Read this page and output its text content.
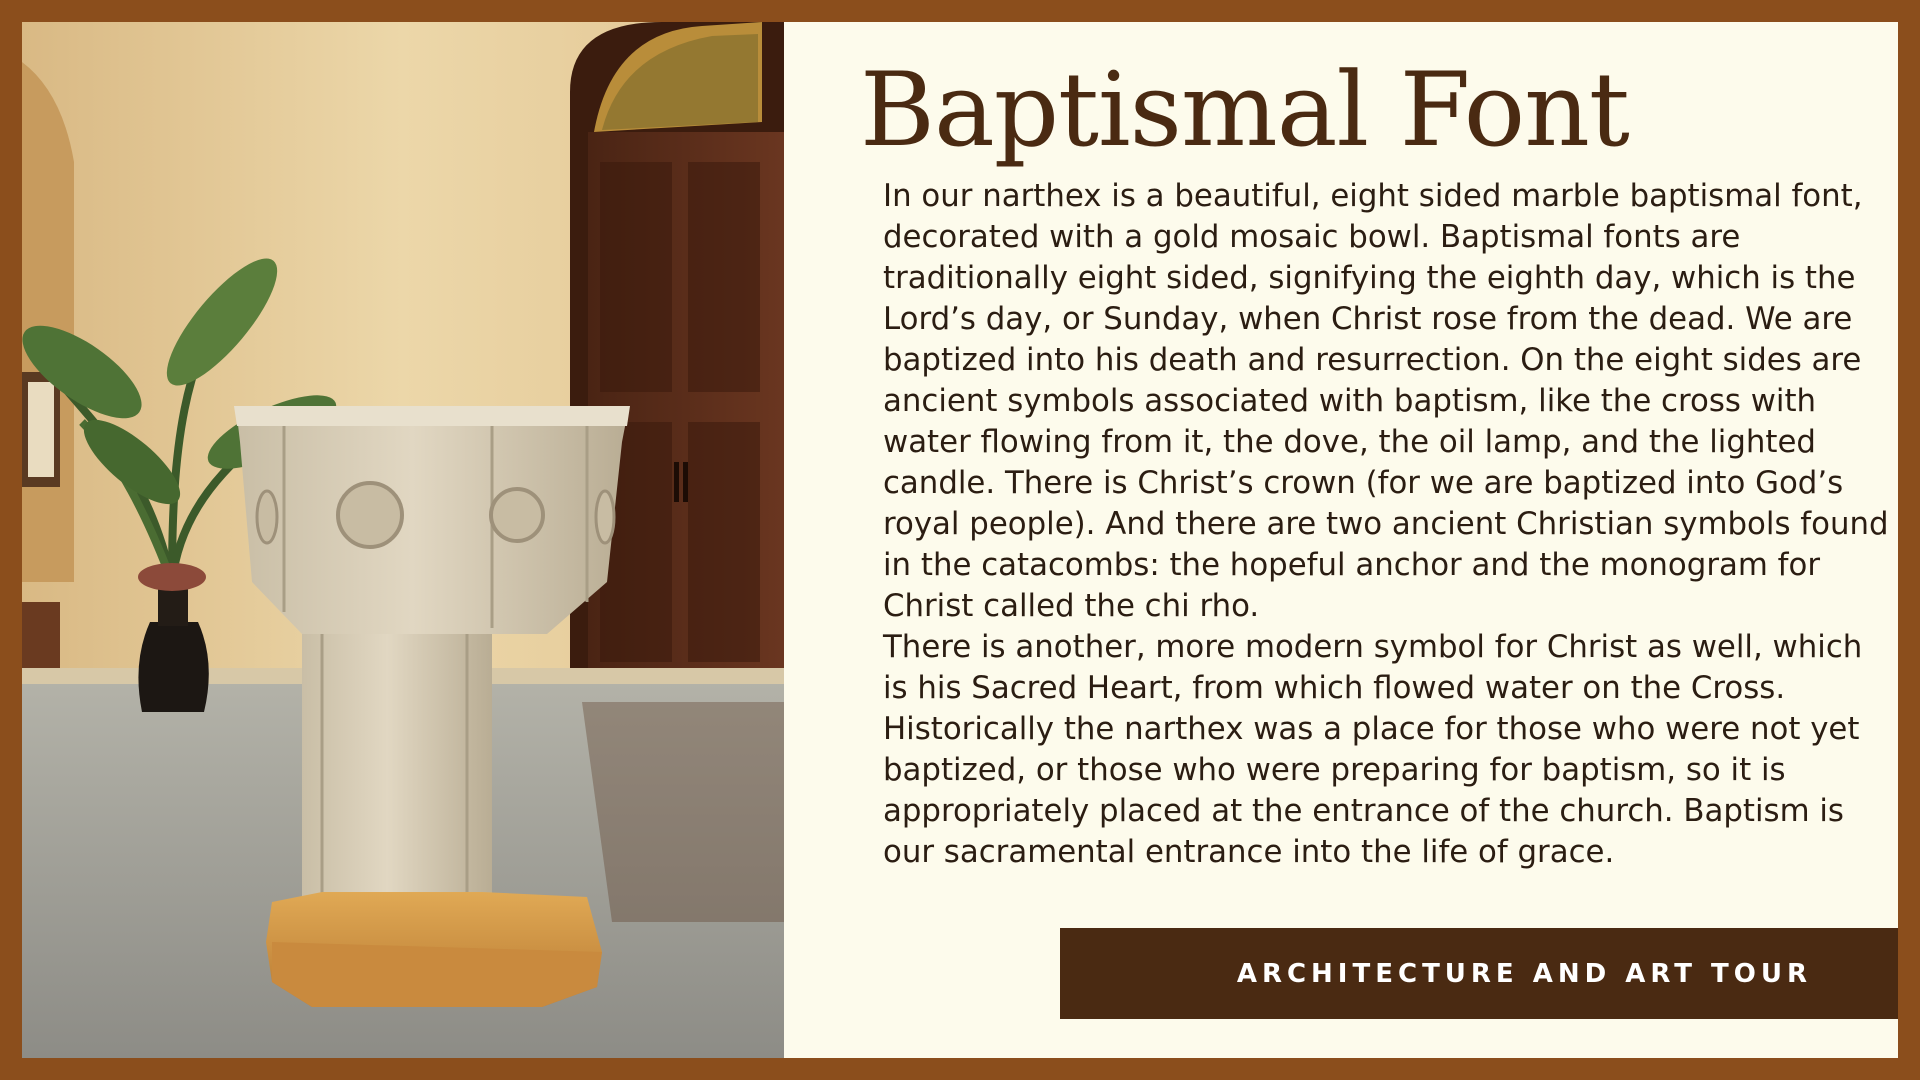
Baptismal Font

In our narthex is a beautiful, eight sided marble baptismal font, decorated with a gold mosaic bowl. Baptismal fonts are traditionally eight sided, signifying the eighth day, which is the Lord’s day, or Sunday, when Christ rose from the dead. We are baptized into his death and resurrection. On the eight sides are ancient symbols associated with baptism, like the cross with water flowing from it, the dove, the oil lamp, and the lighted candle. There is Christ’s crown (for we are baptized into God’s royal people). And there are two ancient Christian symbols found in the catacombs: the hopeful anchor and the monogram for Christ called the chi rho.

There is another, more modern symbol for Christ as well, which is his Sacred Heart, from which flowed water on the Cross. Historically the narthex was a place for those who were not yet baptized, or those who were preparing for baptism, so it is appropriately placed at the entrance of the church. Baptism is our sacramental entrance into the life of grace.

ARCHITECTURE AND ART TOUR
